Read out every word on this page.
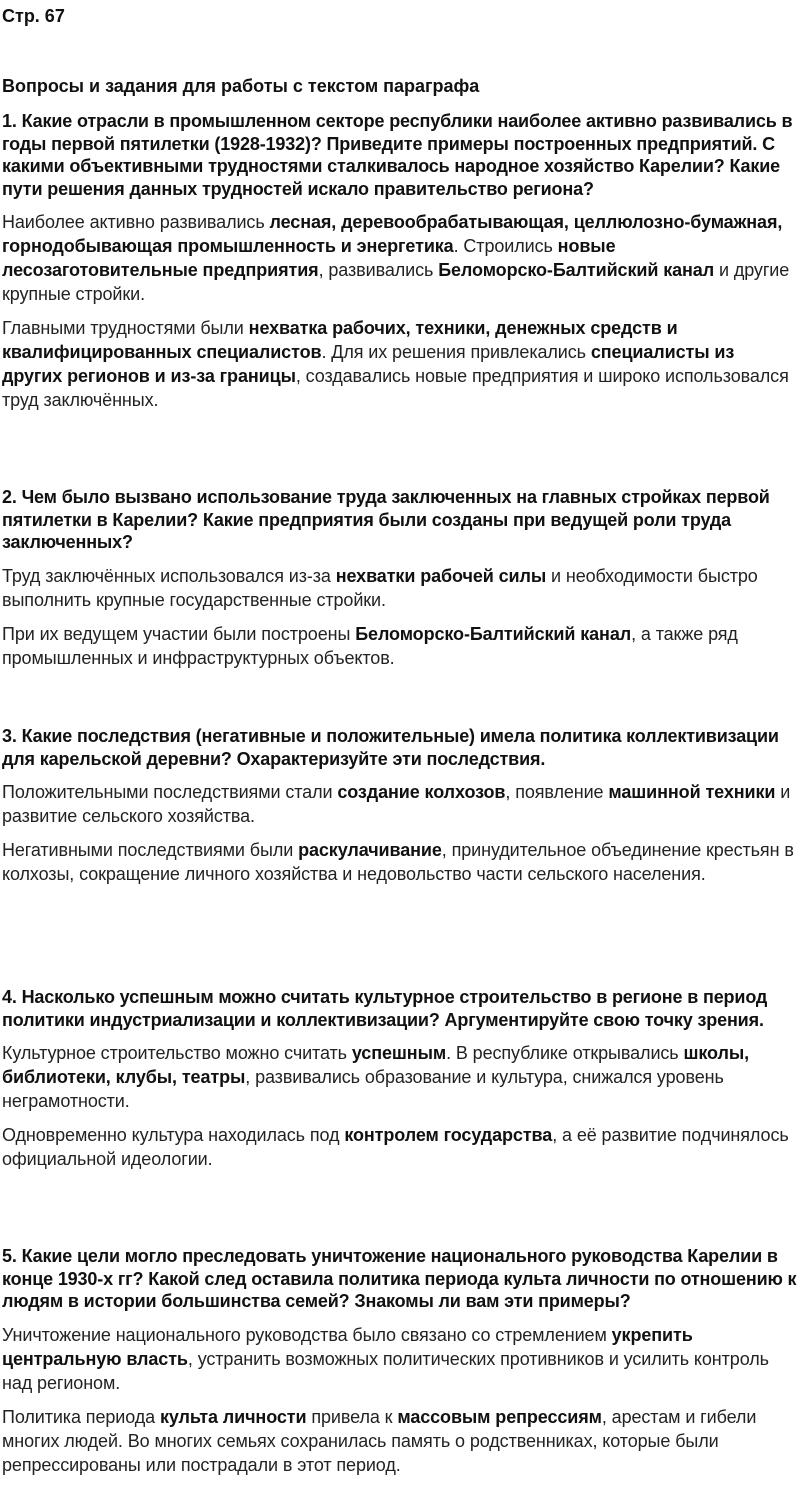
Стр. 67
Вопросы и задания для работы с текстом параграфа

1. Какие отрасли в промышленном секторе республики наиболее активно развивались в годы первой пятилетки (1928-1932)? Приведите примеры построенных предприятий. С какими объективными трудностями сталкивалось народное хозяйство Карелии? Какие пути решения данных трудностей искало правительство региона?

Наиболее активно развивались лесная, деревообрабатывающая, целлюлозно-бумажная, горнодобывающая промышленность и энергетика. Строились новые лесозаготовительные предприятия, развивались Беломорско-Балтийский канал и другие крупные стройки.

Главными трудностями были нехватка рабочих, техники, денежных средств и квалифицированных специалистов. Для их решения привлекались специалисты из других регионов и из-за границы, создавались новые предприятия и широко использовался труд заключённых.

2. Чем было вызвано использование труда заключенных на главных стройках первой пятилетки в Карелии? Какие предприятия были созданы при ведущей роли труда заключенных?

Труд заключённых использовался из-за нехватки рабочей силы и необходимости быстро выполнить крупные государственные стройки.

При их ведущем участии были построены Беломорско-Балтийский канал, а также ряд промышленных и инфраструктурных объектов.

3. Какие последствия (негативные и положительные) имела политика коллективизации для карельской деревни? Охарактеризуйте эти последствия.

Положительными последствиями стали создание колхозов, появление машинной техники и развитие сельского хозяйства.

Негативными последствиями были раскулачивание, принудительное объединение крестьян в колхозы, сокращение личного хозяйства и недовольство части сельского населения.

4. Насколько успешным можно считать культурное строительство в регионе в период политики индустриализации и коллективизации? Аргументируйте свою точку зрения.

Культурное строительство можно считать успешным. В республике открывались школы, библиотеки, клубы, театры, развивались образование и культура, снижался уровень неграмотности.

Одновременно культура находилась под контролем государства, а её развитие подчинялось официальной идеологии.

5. Какие цели могло преследовать уничтожение национального руководства Карелии в конце 1930-х гг? Какой след оставила политика периода культа личности по отношению к людям в истории большинства семей? Знакомы ли вам эти примеры?

Уничтожение национального руководства было связано со стремлением укрепить центральную власть, устранить возможных политических противников и усилить контроль над регионом.

Политика периода культа личности привела к массовым репрессиям, арестам и гибели многих людей. Во многих семьях сохранилась память о родственниках, которые были репрессированы или пострадали в этот период.
